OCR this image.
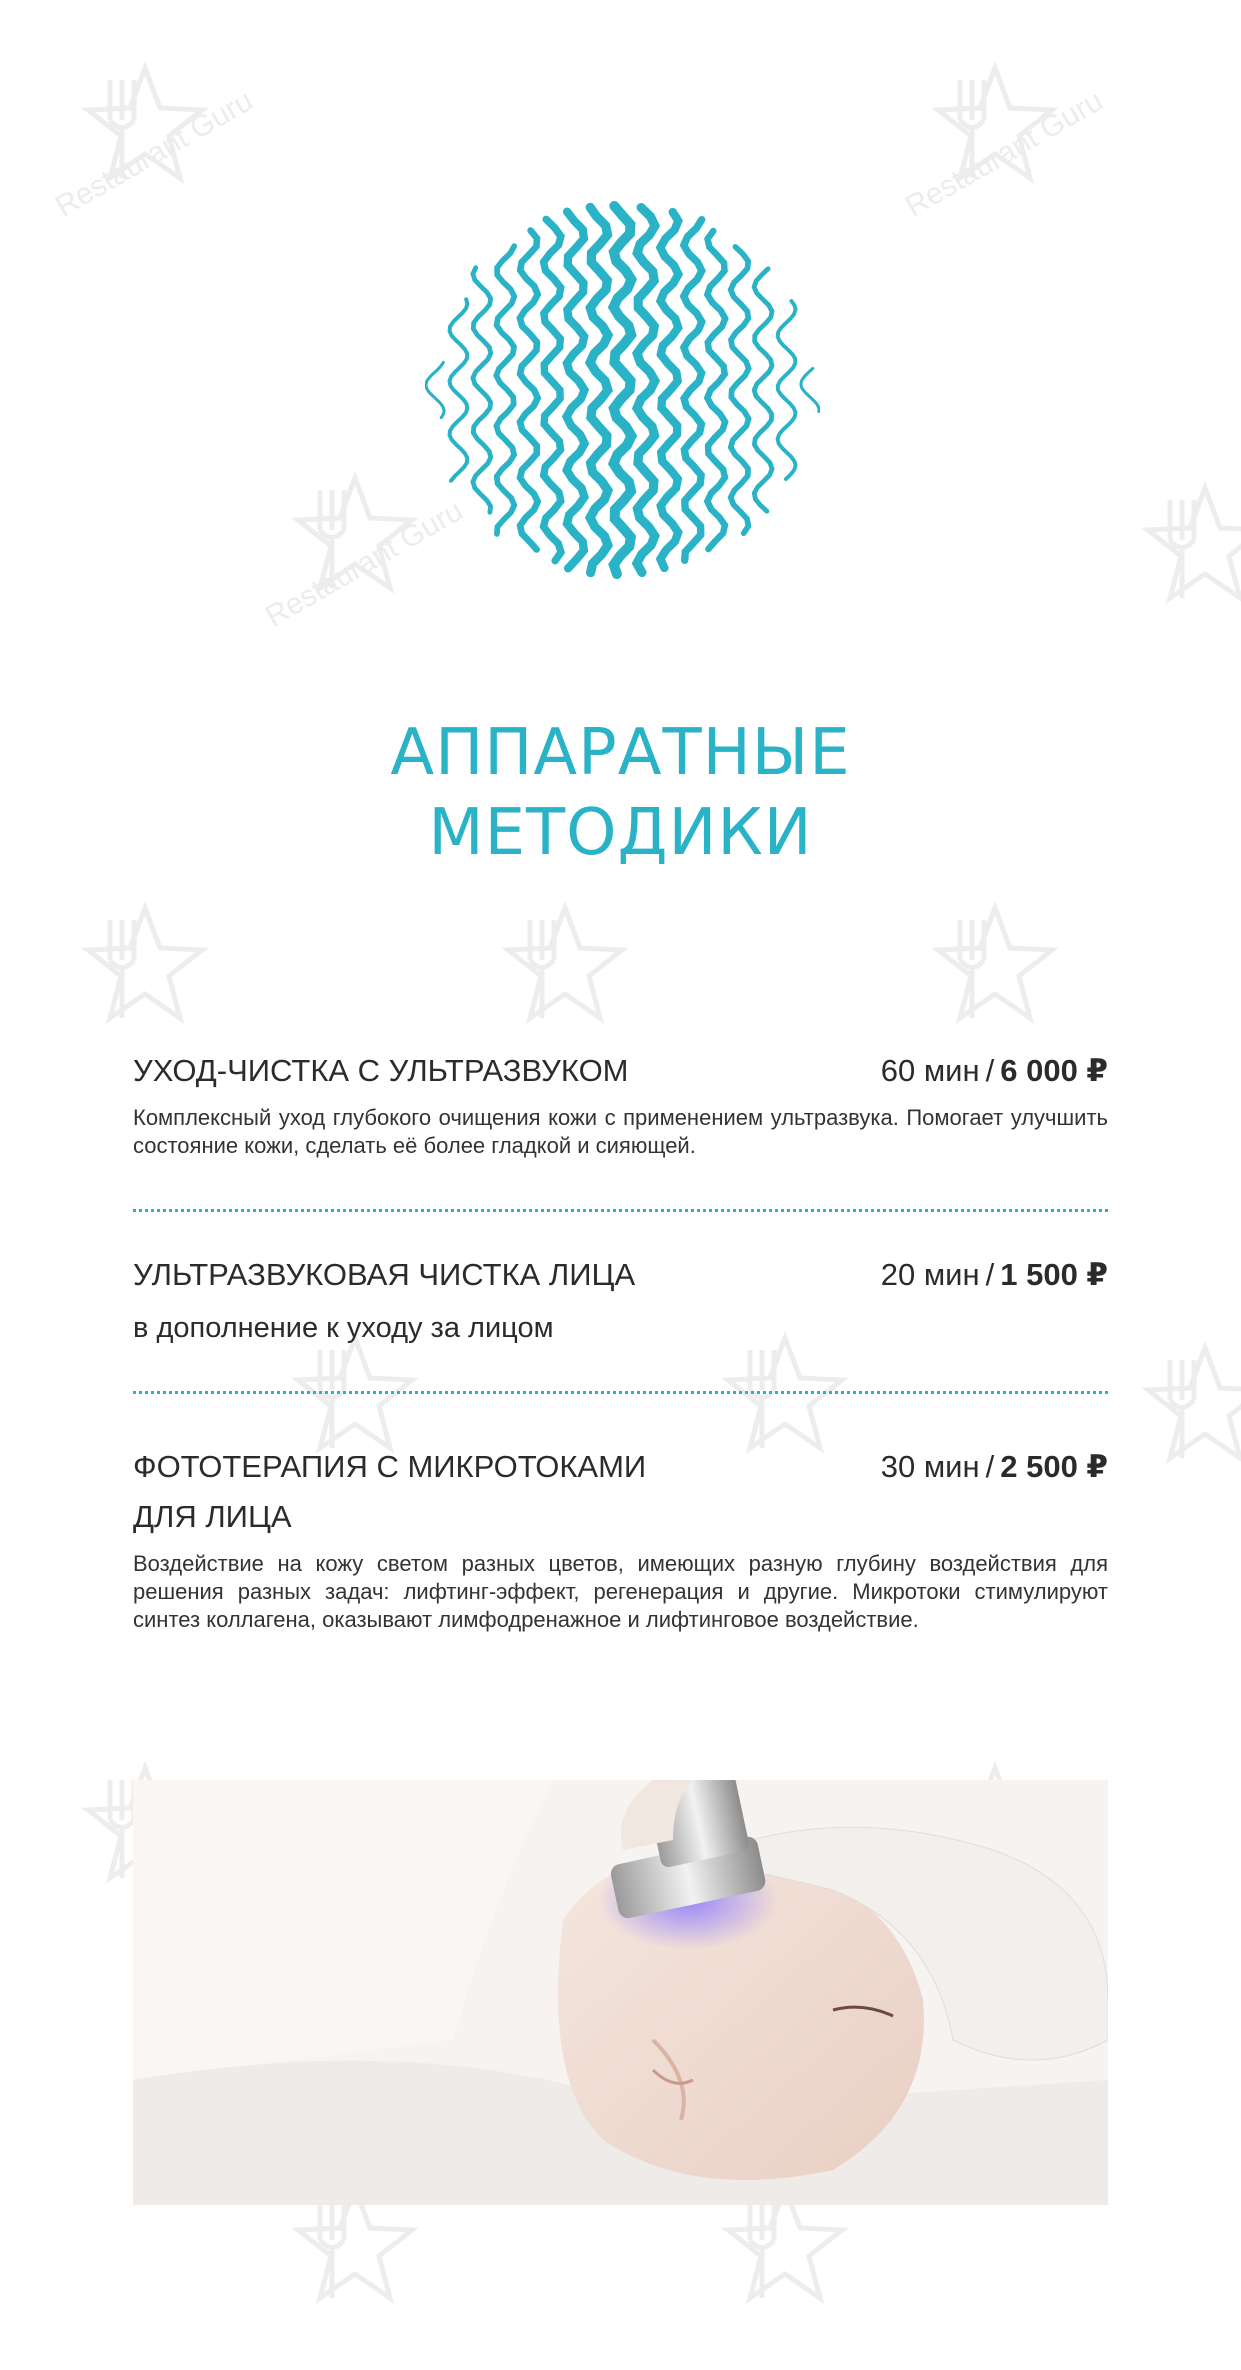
Restaurant Guru	Restaurant Guru
Restaurant Guru
АППАРАТНЫЕ
МЕТОДИКИ
УХОД-ЧИСТКА С УЛЬТРАЗВУКОМ	60 мин / 6 000 ₽
Комплексный уход глубокого очищения кожи с применением ультразвука. Помогает улучшить состояние кожи, сделать её более гладкой и сияющей.
УЛЬТРАЗВУКОВАЯ ЧИСТКА ЛИЦА	20 мин / 1 500 ₽
в дополнение к уходу за лицом
ФОТОТЕРАПИЯ С МИКРОТОКАМИ	30 мин / 2 500 ₽
ДЛЯ ЛИЦА
Воздействие на кожу светом разных цветов, имеющих разную глубину воздействия для решения разных задач: лифтинг-эффект, регенерация и другие. Микротоки стимулируют синтез коллагена, оказывают лимфодренажное и лифтинговое воздействие.
